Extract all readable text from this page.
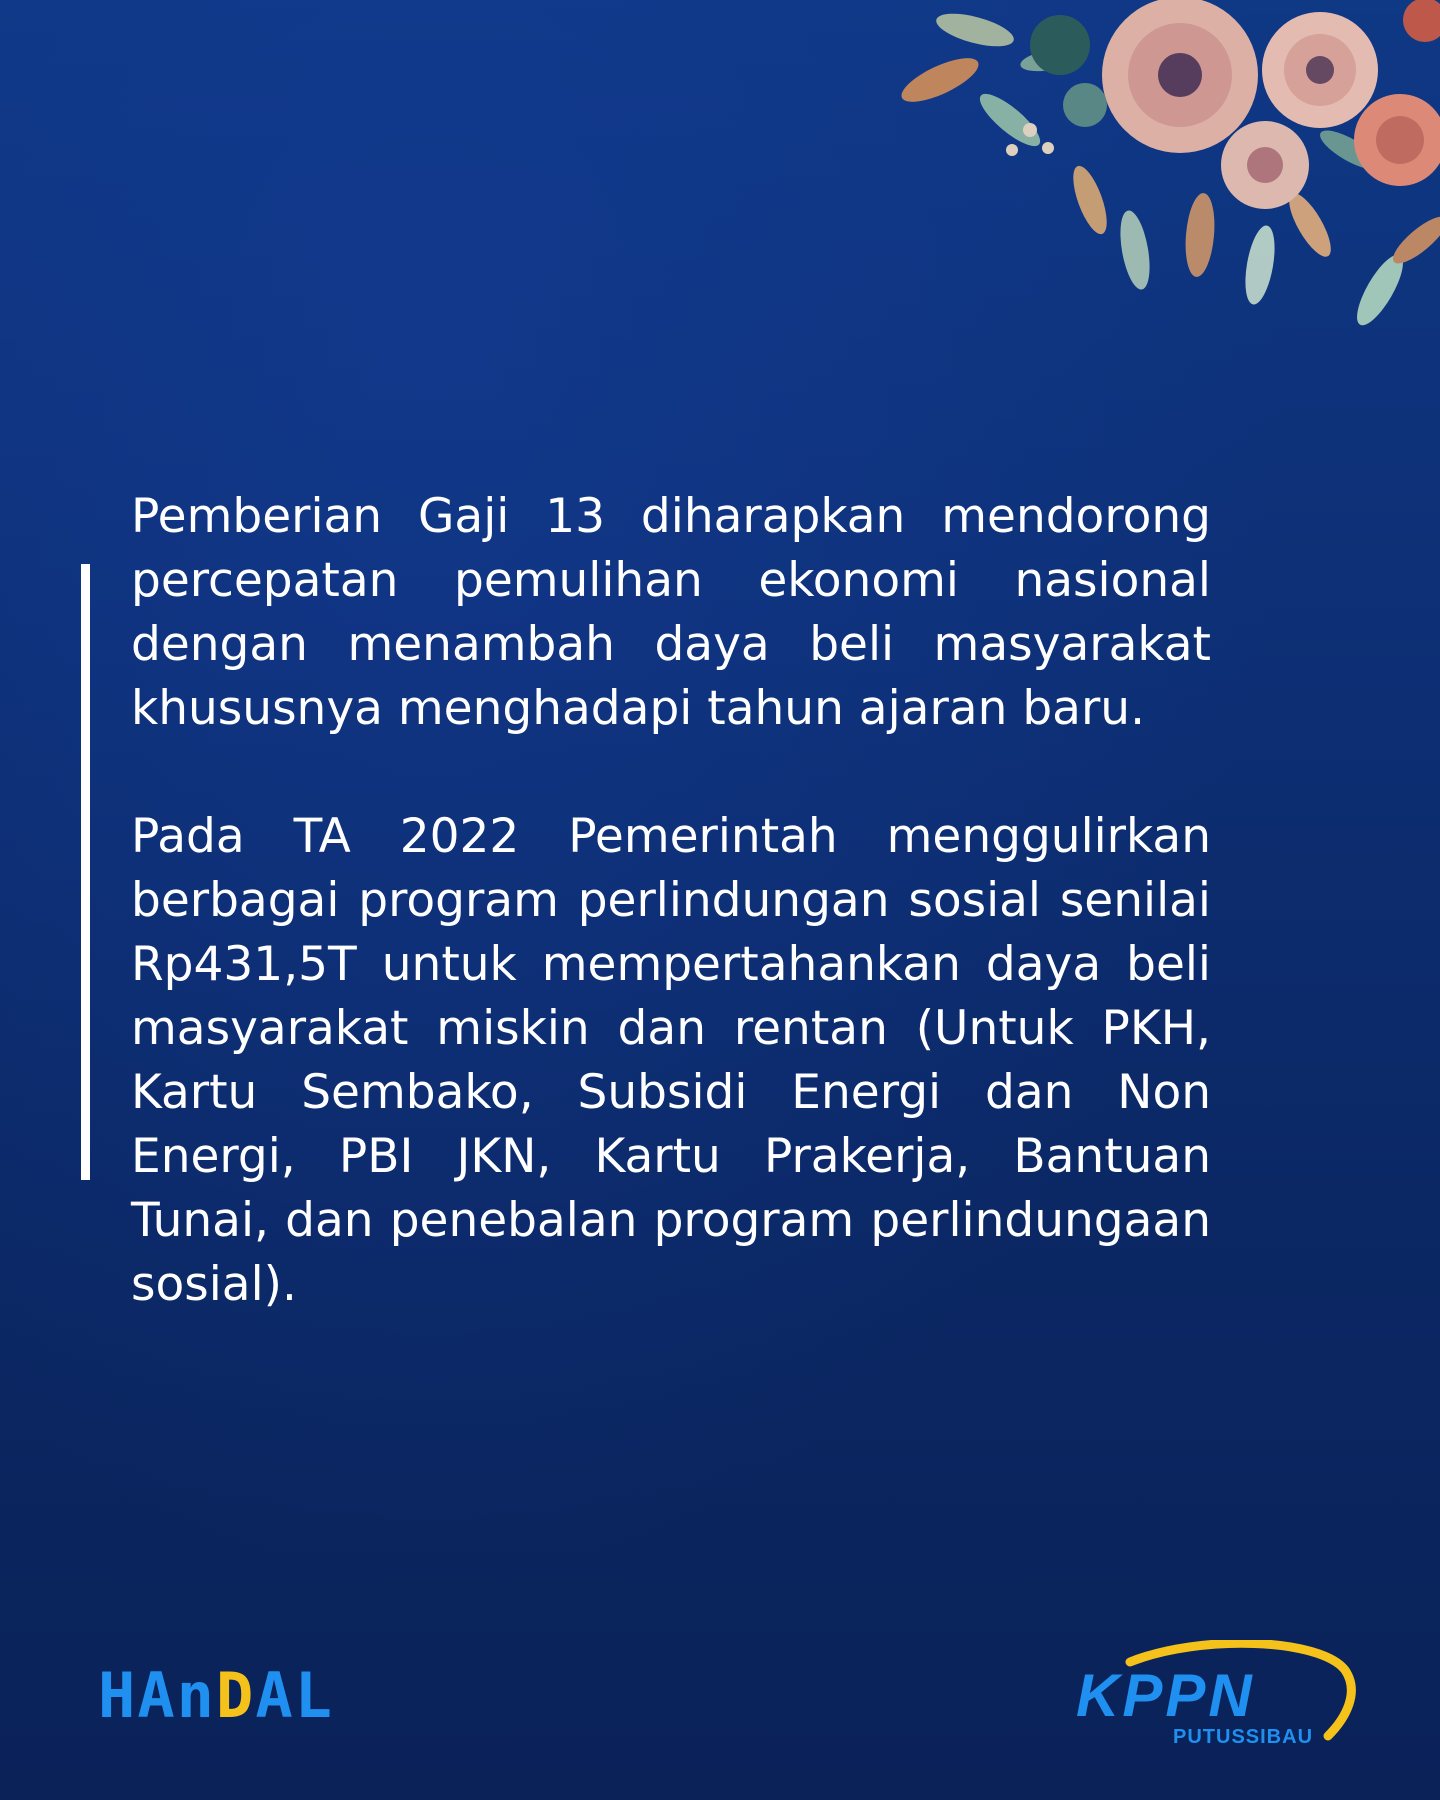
Pemberian Gaji 13 diharapkan mendorong percepatan pemulihan ekonomi nasional dengan menambah daya beli masyarakat khususnya menghadapi tahun ajaran baru.

Pada TA 2022 Pemerintah menggulirkan berbagai program perlindungan sosial senilai Rp431,5T untuk mempertahankan daya beli masyarakat miskin dan rentan (Untuk PKH, Kartu Sembako, Subsidi Energi dan Non Energi, PBI JKN, Kartu Prakerja, Bantuan Tunai, dan penebalan program perlindungaan sosial).

HAnDAL	KPPN
PUTUSSIBAU
